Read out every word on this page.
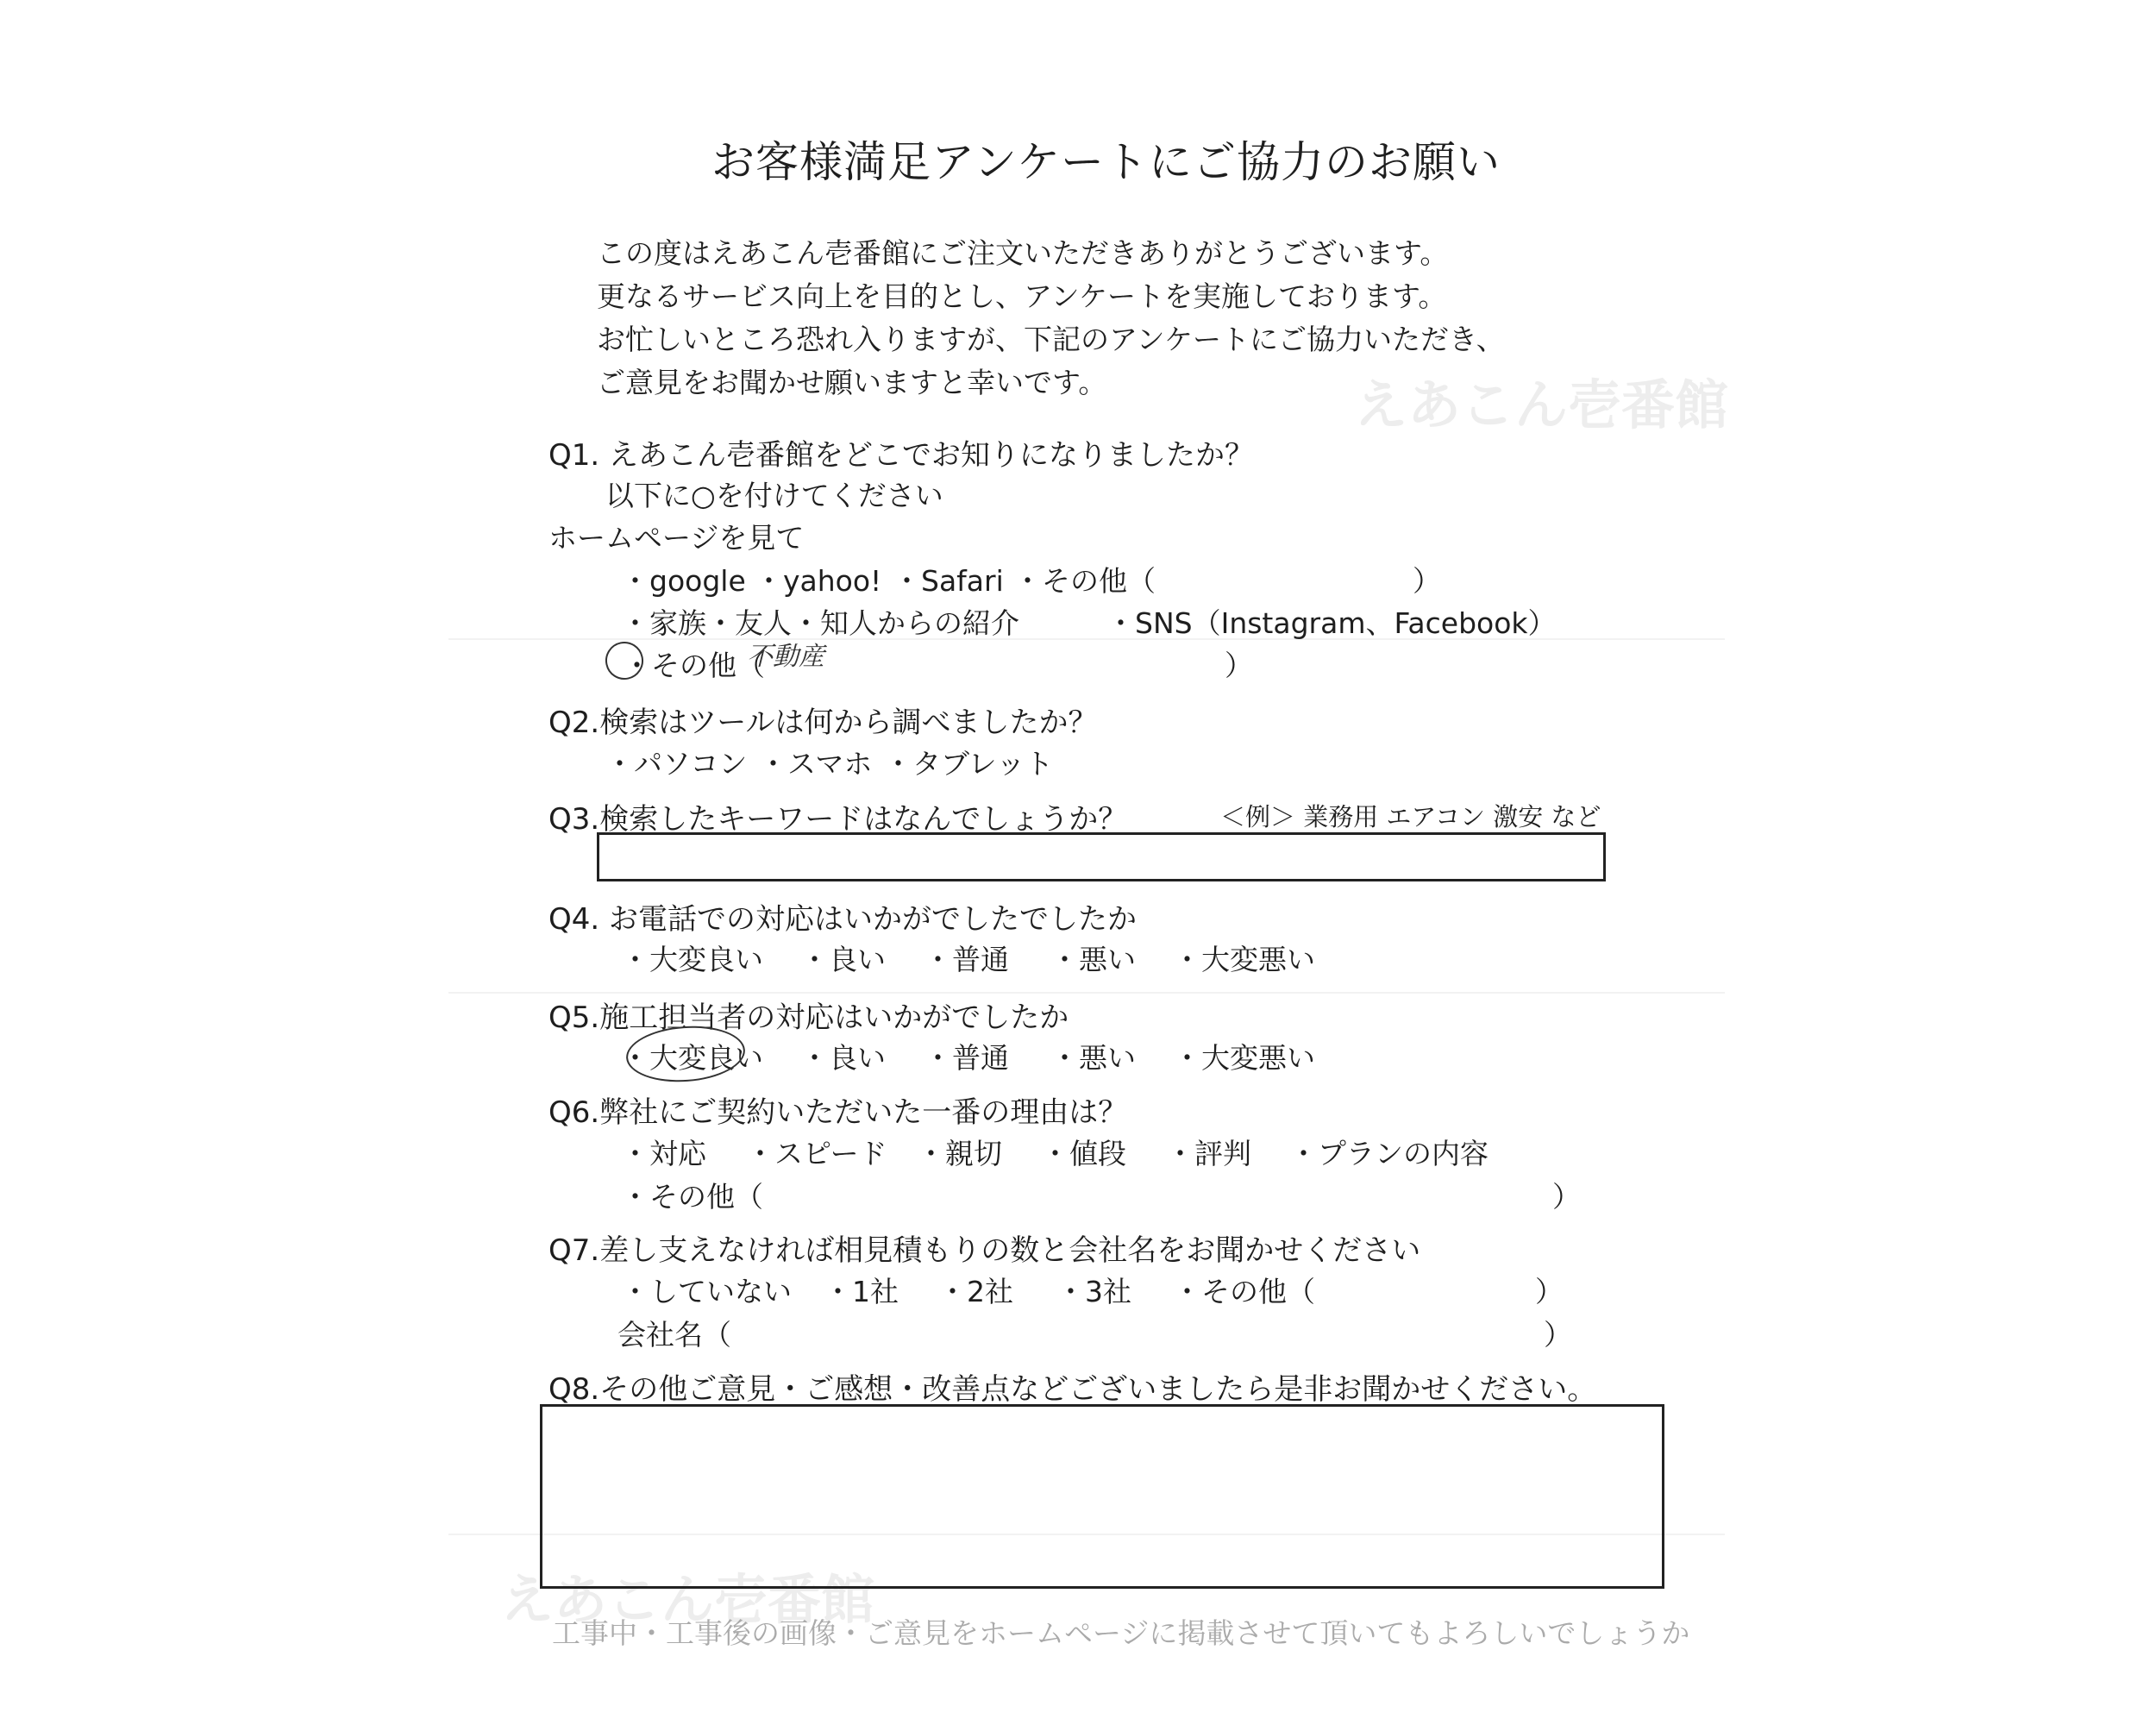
お客様満足アンケートにご協力のお願い
この度はえあこん壱番館にご注文いただきありがとうございます。
更なるサービス向上を目的とし、アンケートを実施しております。
お忙しいところ恐れ入りますが、下記のアンケートにご協力いただき、
ご意見をお聞かせ願いますと幸いです。	えあこん壱番館
えあこん壱番館
Q1. えあこん壱番館をどこでお知りになりましたか？
以下に○を付けてください
ホームページを見て
・google ・yahoo! ・Safari ・その他（	）
・家族・友人・知人からの紹介	・SNS（Instagram、Facebook）
・その他（
不動産	）
Q2.検索はツールは何から調べましたか？
・パソコン ・スマホ ・タブレット
Q3.検索したキーワードはなんでしょうか？	＜例＞ 業務用 エアコン 激安 など
Q4. お電話での対応はいかがでしたでしたか
・大変良い ・良い ・普通 ・悪い ・大変悪い
Q5.施工担当者の対応はいかがでしたか
・大変良い ・良い ・普通 ・悪い ・大変悪い
Q6.弊社にご契約いただいた一番の理由は？
・対応 ・スピード ・親切 ・値段 ・評判 ・プランの内容
・その他（	）
Q7.差し支えなければ相見積もりの数と会社名をお聞かせください
・していない ・1社 ・2社 ・3社 ・その他（	）
会社名（	）
Q8.その他ご意見・ご感想・改善点などございましたら是非お聞かせください。
工事中・工事後の画像・ご意見をホームページに掲載させて頂いてもよろしいでしょうか
